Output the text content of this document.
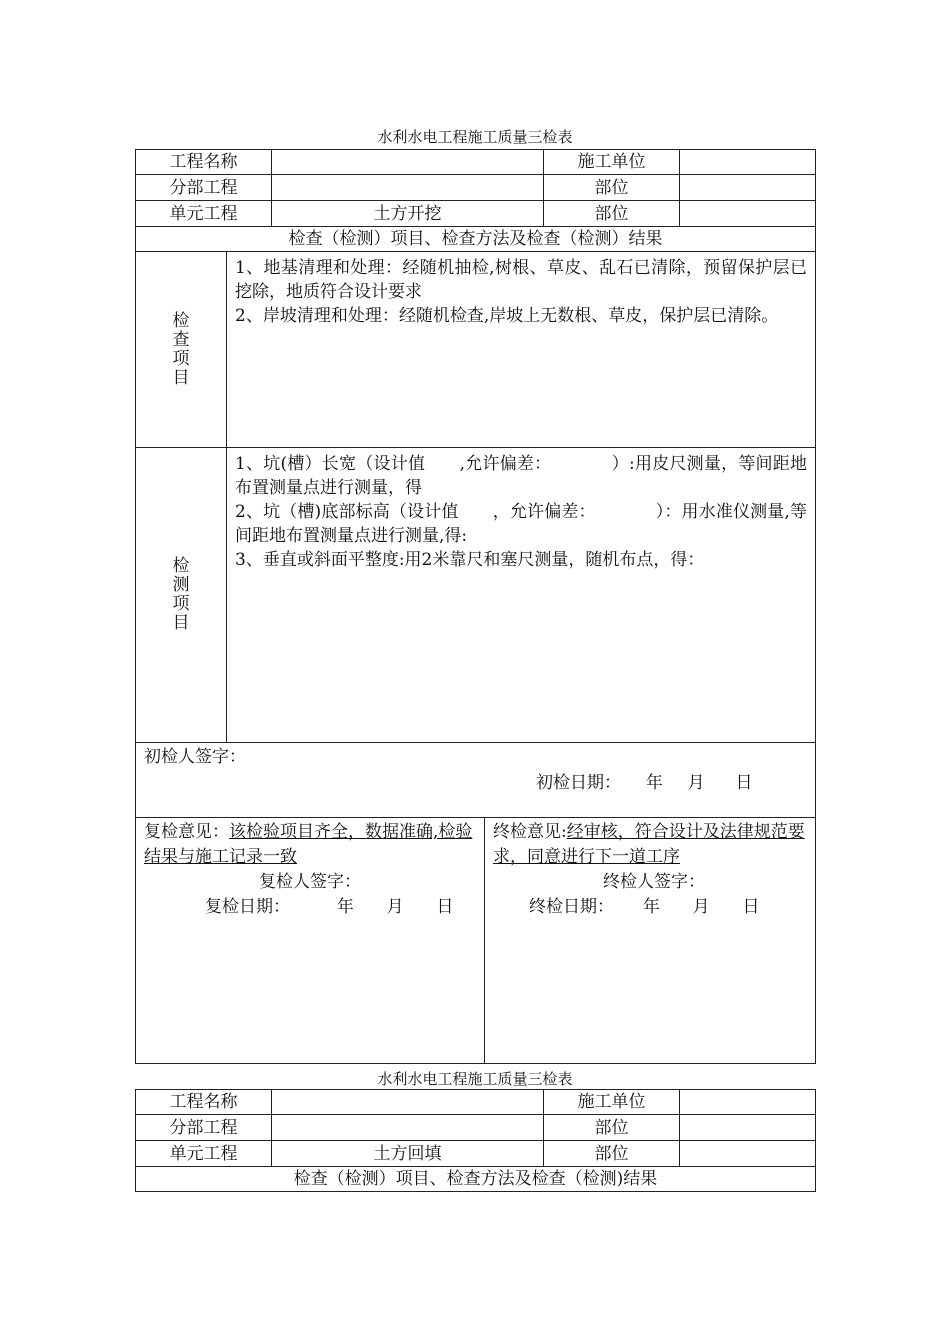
水利水电工程施工质量三检表
工程名称			施工单位	
分部工程			部位	
单元工程		土方开挖	部位	
检查（检测）项目、检查方法及检查（检测）结果				

检查项目	1、地基清理和处理：经随机抽检,树根、草皮、乱石已清除，预留保护层已挖除，地质符合设计要求
2、岸坡清理和处理：经随机检查,岸坡上无数根、草皮，保护层已清除。			

检测项目	1、坑(槽）长宽（设计值　　,允许偏差：　　　　）:用皮尺测量，等间距地布置测量点进行测量，得
2、坑（槽)底部标高（设计值　　，允许偏差：　　　　）：用水准仪测量,等间距地布置测量点进行测量,得:
3、垂直或斜面平整度:用2米靠尺和塞尺测量，随机布点，得：			

初检人签字：
初检日期： 年 月 日				
复检意见：该检验项目齐全，数据准确,检验结果与施工记录一致
复检人签字：
复检日期：	年 月 日

终检意见:经审核，符合设计及法律规范要求，同意进行下一道工序
终检人签字：
终检日期： 年 月 日
水利水电工程施工质量三检表
工程名称		施工单位	
分部工程		部位	
单元工程	土方回填	部位	
检查（检测）项目、检查方法及检查（检测)结果			
